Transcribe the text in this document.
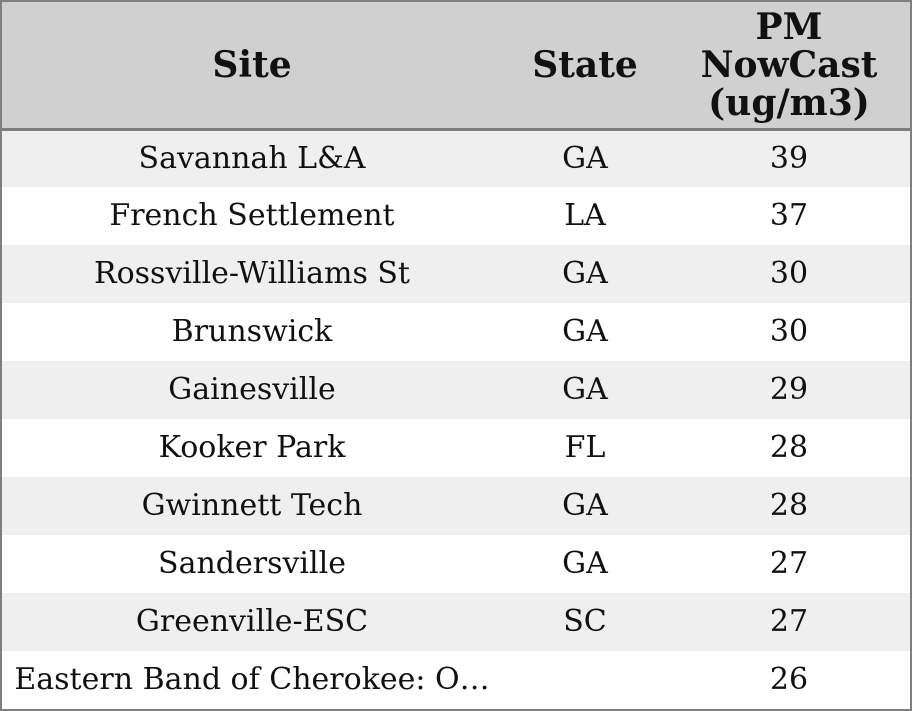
Site	State	PM NowCast (ug/m3)
Savannah L&A	GA	39
French Settlement	LA	37
Rossville-Williams St	GA	30
Brunswick	GA	30
Gainesville	GA	29
Kooker Park	FL	28
Gwinnett Tech	GA	28
Sandersville	GA	27
Greenville-ESC	SC	27
Eastern Band of Cherokee: O…		26
